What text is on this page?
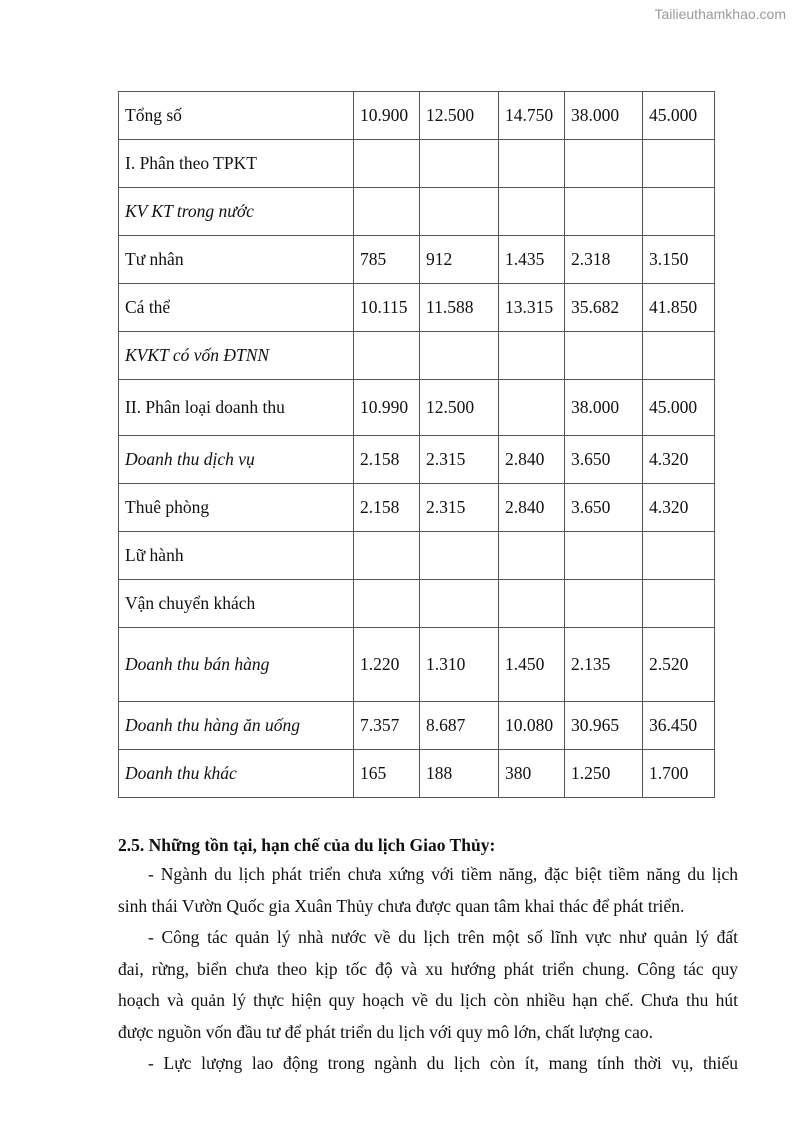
Tailieuthamkhao.com
Tổng số	10.900	12.500	14.750	38.000	45.000
I. Phân theo TPKT					
KV KT trong nước					
Tư nhân	785	912	1.435	2.318	3.150
Cá thể	10.115	11.588	13.315	35.682	41.850
KVKT có vốn ĐTNN					
II. Phân loại doanh thu	10.990	12.500		38.000	45.000
Doanh thu dịch vụ	2.158	2.315	2.840	3.650	4.320
Thuê phòng	2.158	2.315	2.840	3.650	4.320
Lữ hành					
Vận chuyển khách					
Doanh thu bán hàng	1.220	1.310	1.450	2.135	2.520
Doanh thu hàng ăn uống	7.357	8.687	10.080	30.965	36.450
Doanh thu khác	165	188	380	1.250	1.700
2.5. Những tồn tại, hạn chế của du lịch Giao Thủy:
- Ngành du lịch phát triển chưa xứng với tiềm năng, đặc biệt tiềm năng du lịch
sinh thái Vườn Quốc gia Xuân Thủy chưa được quan tâm khai thác để phát triển.
- Công tác quản lý nhà nước về du lịch trên một số lĩnh vực như quản lý đất
đai, rừng, biển chưa theo kịp tốc độ và xu hướng phát triển chung. Công tác quy
hoạch và quản lý thực hiện quy hoạch về du lịch còn nhiều hạn chế. Chưa thu hút
được nguồn vốn đầu tư để phát triển du lịch với quy mô lớn, chất lượng cao.
- Lực lượng lao động trong ngành du lịch còn ít, mang tính thời vụ, thiếu
